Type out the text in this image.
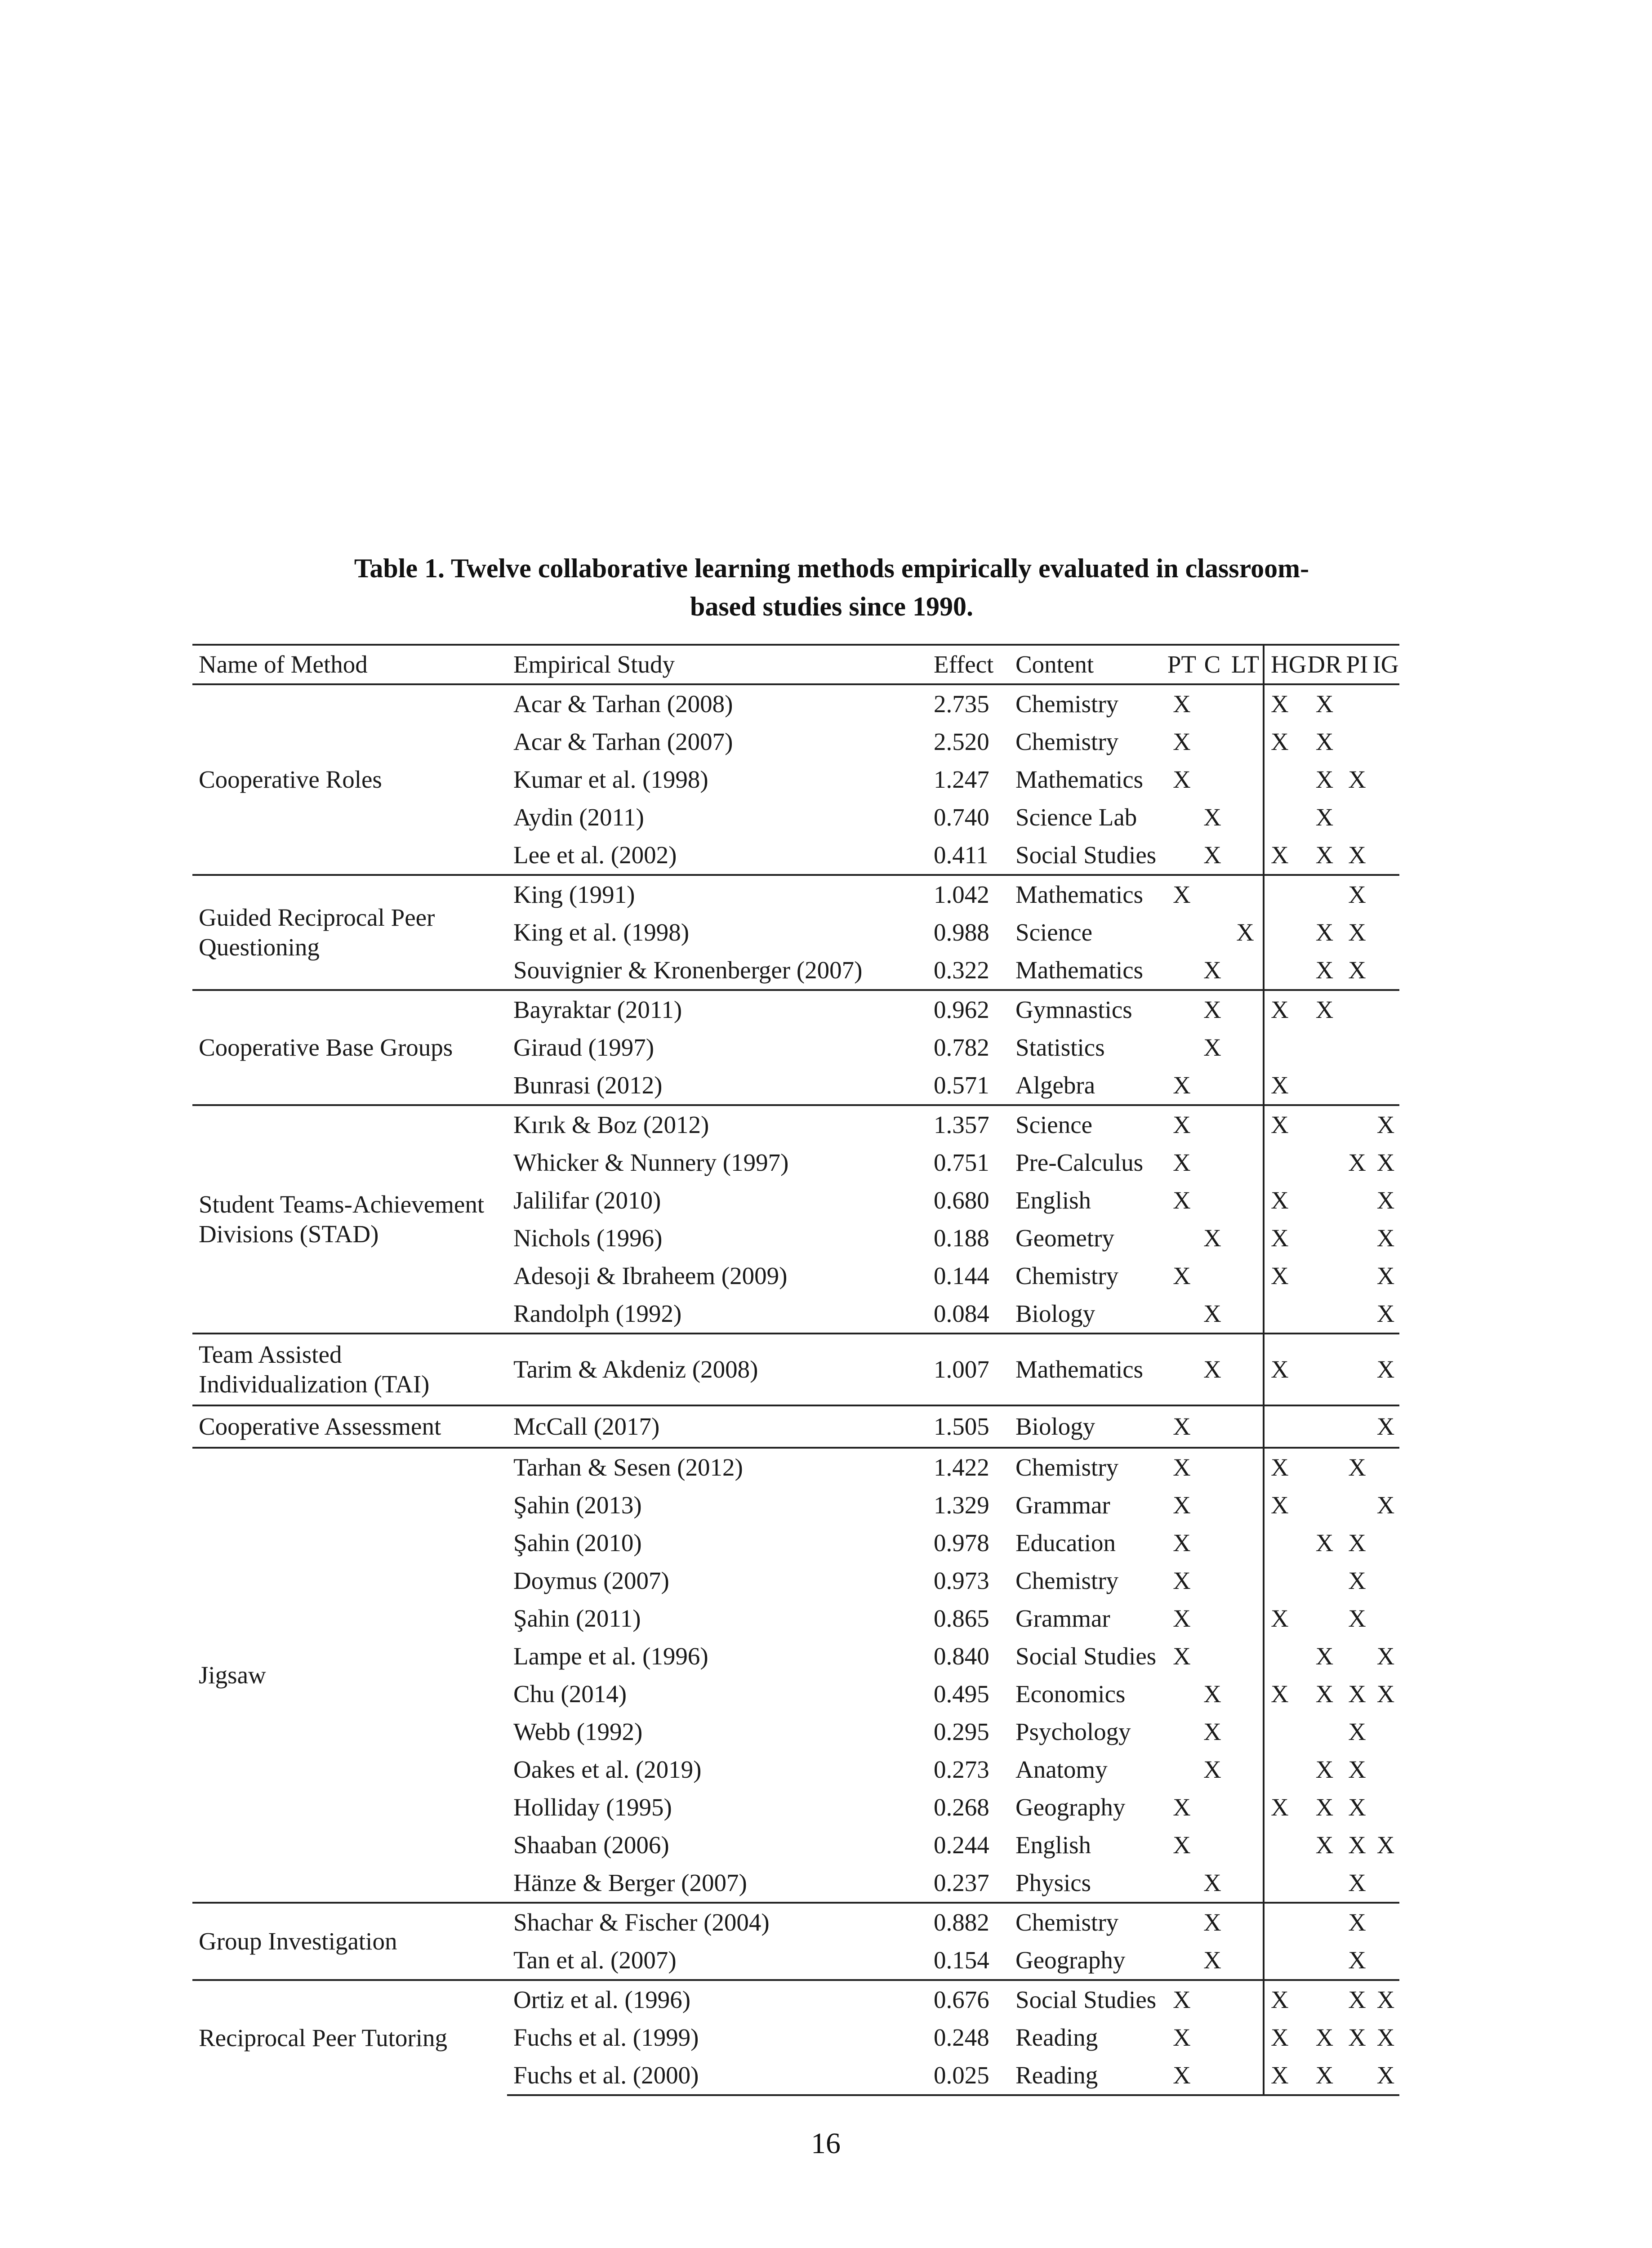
Table 1. Twelve collaborative learning methods empirically evaluated in classroom-
based studies since 1990.
Name of Method	Empirical Study	Effect	Content	PT	C	LT	HG	DR	PI	IG
Cooperative Roles	Acar & Tarhan (2008)	2.735	Chemistry	X			X	X		
	Acar & Tarhan (2007)	2.520	Chemistry	X			X	X		
	Kumar et al. (1998)	1.247	Mathematics	X				X	X	
	Aydin (2011)	0.740	Science Lab		X			X		
	Lee et al. (2002)	0.411	Social Studies		X		X	X	X	
Guided Reciprocal Peer Questioning	King (1991)	1.042	Mathematics	X					X	
	King et al. (1998)	0.988	Science			X		X	X	
	Souvignier & Kronenberger (2007)	0.322	Mathematics		X			X	X	
Cooperative Base Groups	Bayraktar (2011)	0.962	Gymnastics		X		X	X		
	Giraud (1997)	0.782	Statistics		X					
	Bunrasi (2012)	0.571	Algebra	X			X			
Student Teams-Achievement Divisions (STAD)	Kırık & Boz (2012)	1.357	Science	X			X			X
	Whicker & Nunnery (1997)	0.751	Pre-Calculus	X					X	X
	Jalilifar (2010)	0.680	English	X			X			X
	Nichols (1996)	0.188	Geometry		X		X			X
	Adesoji & Ibraheem (2009)	0.144	Chemistry	X			X			X
	Randolph (1992)	0.084	Biology		X					X
Team Assisted Individualization (TAI)	Tarim & Akdeniz (2008)	1.007	Mathematics		X		X			X
Cooperative Assessment	McCall (2017)	1.505	Biology	X						X
Jigsaw	Tarhan & Sesen (2012)	1.422	Chemistry	X			X		X	
	Şahin (2013)	1.329	Grammar	X			X			X
	Şahin (2010)	0.978	Education	X				X	X	
	Doymus (2007)	0.973	Chemistry	X					X	
	Şahin (2011)	0.865	Grammar	X			X		X	
	Lampe et al. (1996)	0.840	Social Studies	X				X		X
	Chu (2014)	0.495	Economics		X		X	X	X	X
	Webb (1992)	0.295	Psychology		X				X	
	Oakes et al. (2019)	0.273	Anatomy		X			X	X	
	Holliday (1995)	0.268	Geography	X			X	X	X	
	Shaaban (2006)	0.244	English	X				X	X	X
	Hänze & Berger (2007)	0.237	Physics		X				X	
Group Investigation	Shachar & Fischer (2004)	0.882	Chemistry		X				X	
	Tan et al. (2007)	0.154	Geography		X				X	
Reciprocal Peer Tutoring	Ortiz et al. (1996)	0.676	Social Studies	X			X		X	X
	Fuchs et al. (1999)	0.248	Reading	X			X	X	X	X
	Fuchs et al. (2000)	0.025	Reading	X			X	X		X
16
